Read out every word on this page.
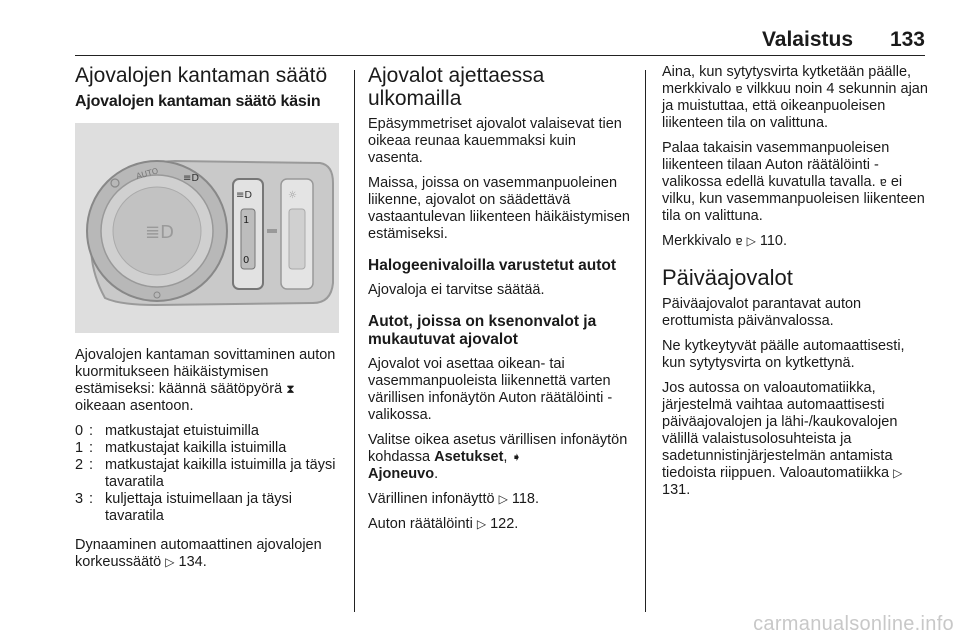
Valaistus 133
Ajovalojen kantaman säätö
Ajovalojen kantaman säätö käsin
≣D
AUTO ≡D
≡D
1
0
☼

Ajovalojen kantaman sovittaminen auton kuormitukseen häikäistymisen estämiseksi: käännä säätöpyörä ⧗
oikeaan asentoon.

0 : matkustajat etuistuimilla
1 : matkustajat kaikilla istuimilla
2 : matkustajat kaikilla istuimilla ja täysi tavaratila
3 : kuljettaja istuimellaan ja täysi tavaratila

Dynaaminen automaattinen ajovalojen korkeussäätö ▷ 134.

Ajovalot ajettaessa ulkomailla

Epäsymmetriset ajovalot valaisevat tien oikeaa reunaa kauemmaksi kuin vasenta.

Maissa, joissa on vasemmanpuoleinen liikenne, ajovalot on säädettävä vastaantulevan liikenteen häikäistymisen estämiseksi.

Halogeenivaloilla varustetut autot

Ajovaloja ei tarvitse säätää.

Autot, joissa on ksenonvalot ja mukautuvat ajovalot

Ajovalot voi asettaa oikean- tai vasemmanpuoleista liikennettä varten värillisen infonäytön Auton räätälöinti -valikossa.

Valitse oikea asetus värillisen infonäytön kohdassa Asetukset, ➧
Ajoneuvo.

Värillinen infonäyttö ▷ 118.

Auton räätälöinti ▷ 122.

Aina, kun sytytysvirta kytketään päälle, merkkivalo ɐ vilkkuu noin 4 sekunnin ajan ja muistuttaa, että oikeanpuoleisen liikenteen tila on valittuna.

Palaa takaisin vasemmanpuoleisen liikenteen tilaan Auton räätälöinti -valikossa edellä kuvatulla tavalla. ɐ ei vilku, kun vasemmanpuoleisen liikenteen tila on valittuna.

Merkkivalo ɐ ▷ 110.

Päiväajovalot

Päiväajovalot parantavat auton erottumista päivänvalossa.

Ne kytkeytyvät päälle automaattisesti, kun sytytysvirta on kytkettynä.

Jos autossa on valoautomatiikka, järjestelmä vaihtaa automaattisesti päiväajovalojen ja lähi-/kaukovalojen välillä valaistusolosuhteista ja sadetunnistinjärjestelmän antamista tiedoista riippuen. Valoautomatiikka ▷ 131.

carmanualsonline.info
